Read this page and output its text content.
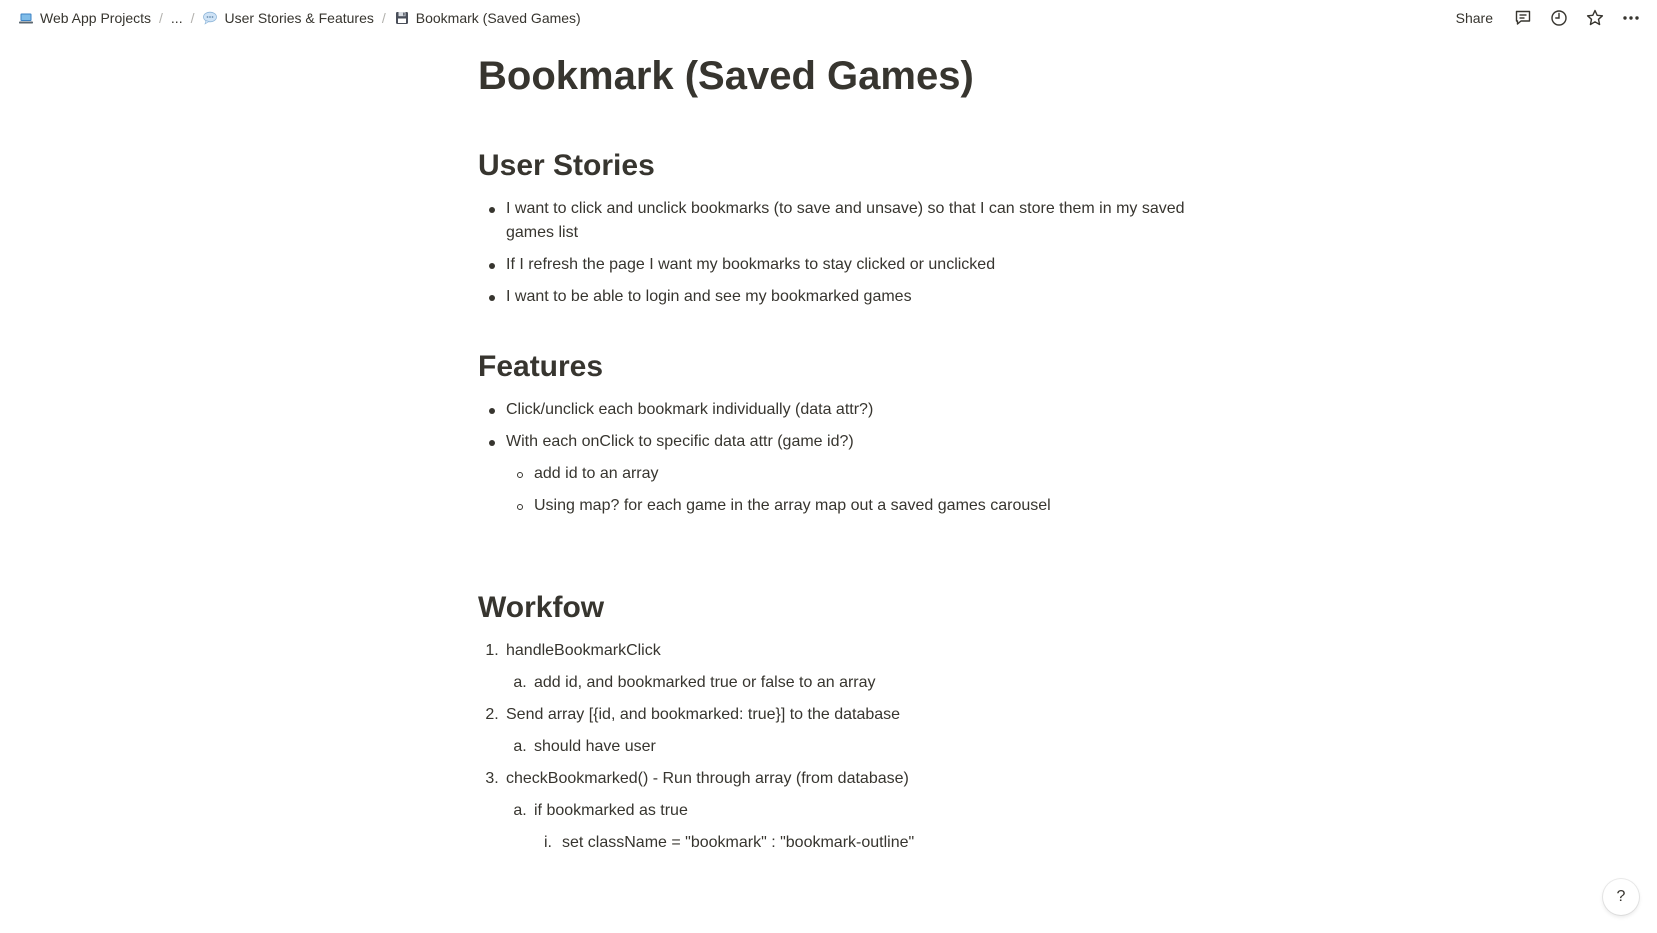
Web App Projects / ... / User Stories & Features / Bookmark (Saved Games)	Share
Bookmark (Saved Games)
User Stories
I want to click and unclick bookmarks (to save and unsave) so that I can store them in my saved games list
If I refresh the page I want my bookmarks to stay clicked or unclicked
I want to be able to login and see my bookmarked games
Features
Click/unclick each bookmark individually (data attr?)
With each onClick to specific data attr (game id?)
add id to an array
Using map? for each game in the array map out a saved games carousel
Workfow
1. handleBookmarkClick
a. add id, and bookmarked true or false to an array
2. Send array [{id, and bookmarked: true}] to the database
a. should have user
3. checkBookmarked() - Run through array (from database)
a. if bookmarked as true
i. set className = "bookmark" : "bookmark-outline"
?
